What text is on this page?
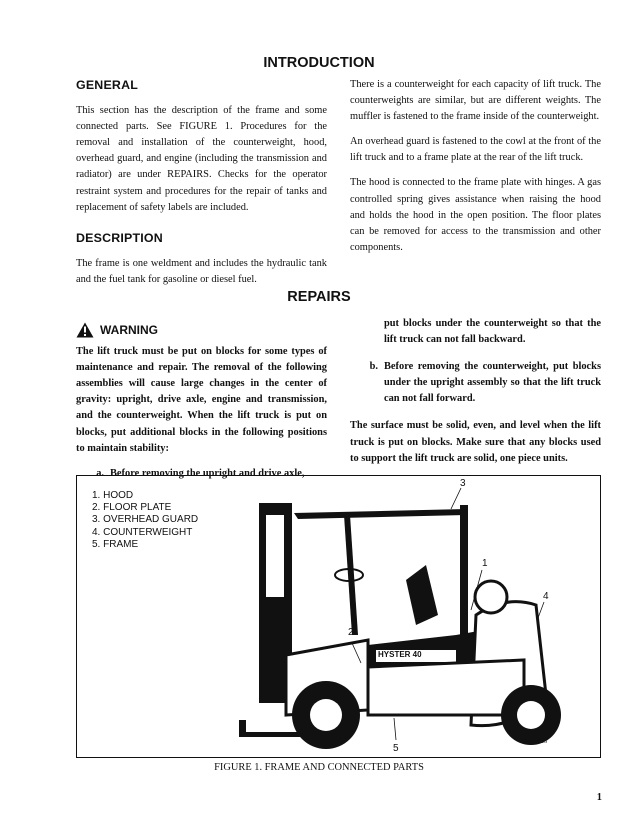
INTRODUCTION
GENERAL

This section has the description of the frame and some connected parts. See FIGURE 1. Procedures for the removal and installation of the counterweight, hood, overhead guard, and engine (including the transmission and radiator) are under REPAIRS. Checks for the operator restraint system and procedures for the repair of tanks and replacement of safety labels are included.

DESCRIPTION

The frame is one weldment and includes the hydraulic tank and the fuel tank for gasoline or diesel fuel.

There is a counterweight for each capacity of lift truck. The counterweights are similar, but are different weights. The muffler is fastened to the frame inside of the counterweight.

An overhead guard is fastened to the cowl at the front of the lift truck and to a frame plate at the rear of the lift truck.

The hood is connected to the frame plate with hinges. A gas controlled spring gives assistance when raising the hood and holds the hood in the open position. The floor plates can be removed for access to the transmission and other components.

REPAIRS
WARNING

The lift truck must be put on blocks for some types of maintenance and repair. The removal of the following assemblies will cause large changes in the center of gravity: upright, drive axle, engine and transmission, and the counterweight. When the lift truck is put on blocks, put additional blocks in the following positions to maintain stability:

a. Before removing the upright and drive axle,
put blocks under the counterweight so that the lift truck can not fall backward.
b. Before removing the counterweight, put blocks under the upright assembly so that the lift truck can not fall forward.

The surface must be solid, even, and level when the lift truck is put on blocks. Make sure that any blocks used to support the lift truck are solid, one piece units.

HYSTER
HYSTER 40
1. HOOD
2. FLOOR PLATE
3. OVERHEAD GUARD
4. COUNTERWEIGHT
5. FRAME
1
2
3
4
5
12633
FIGURE 1. FRAME AND CONNECTED PARTS
1
